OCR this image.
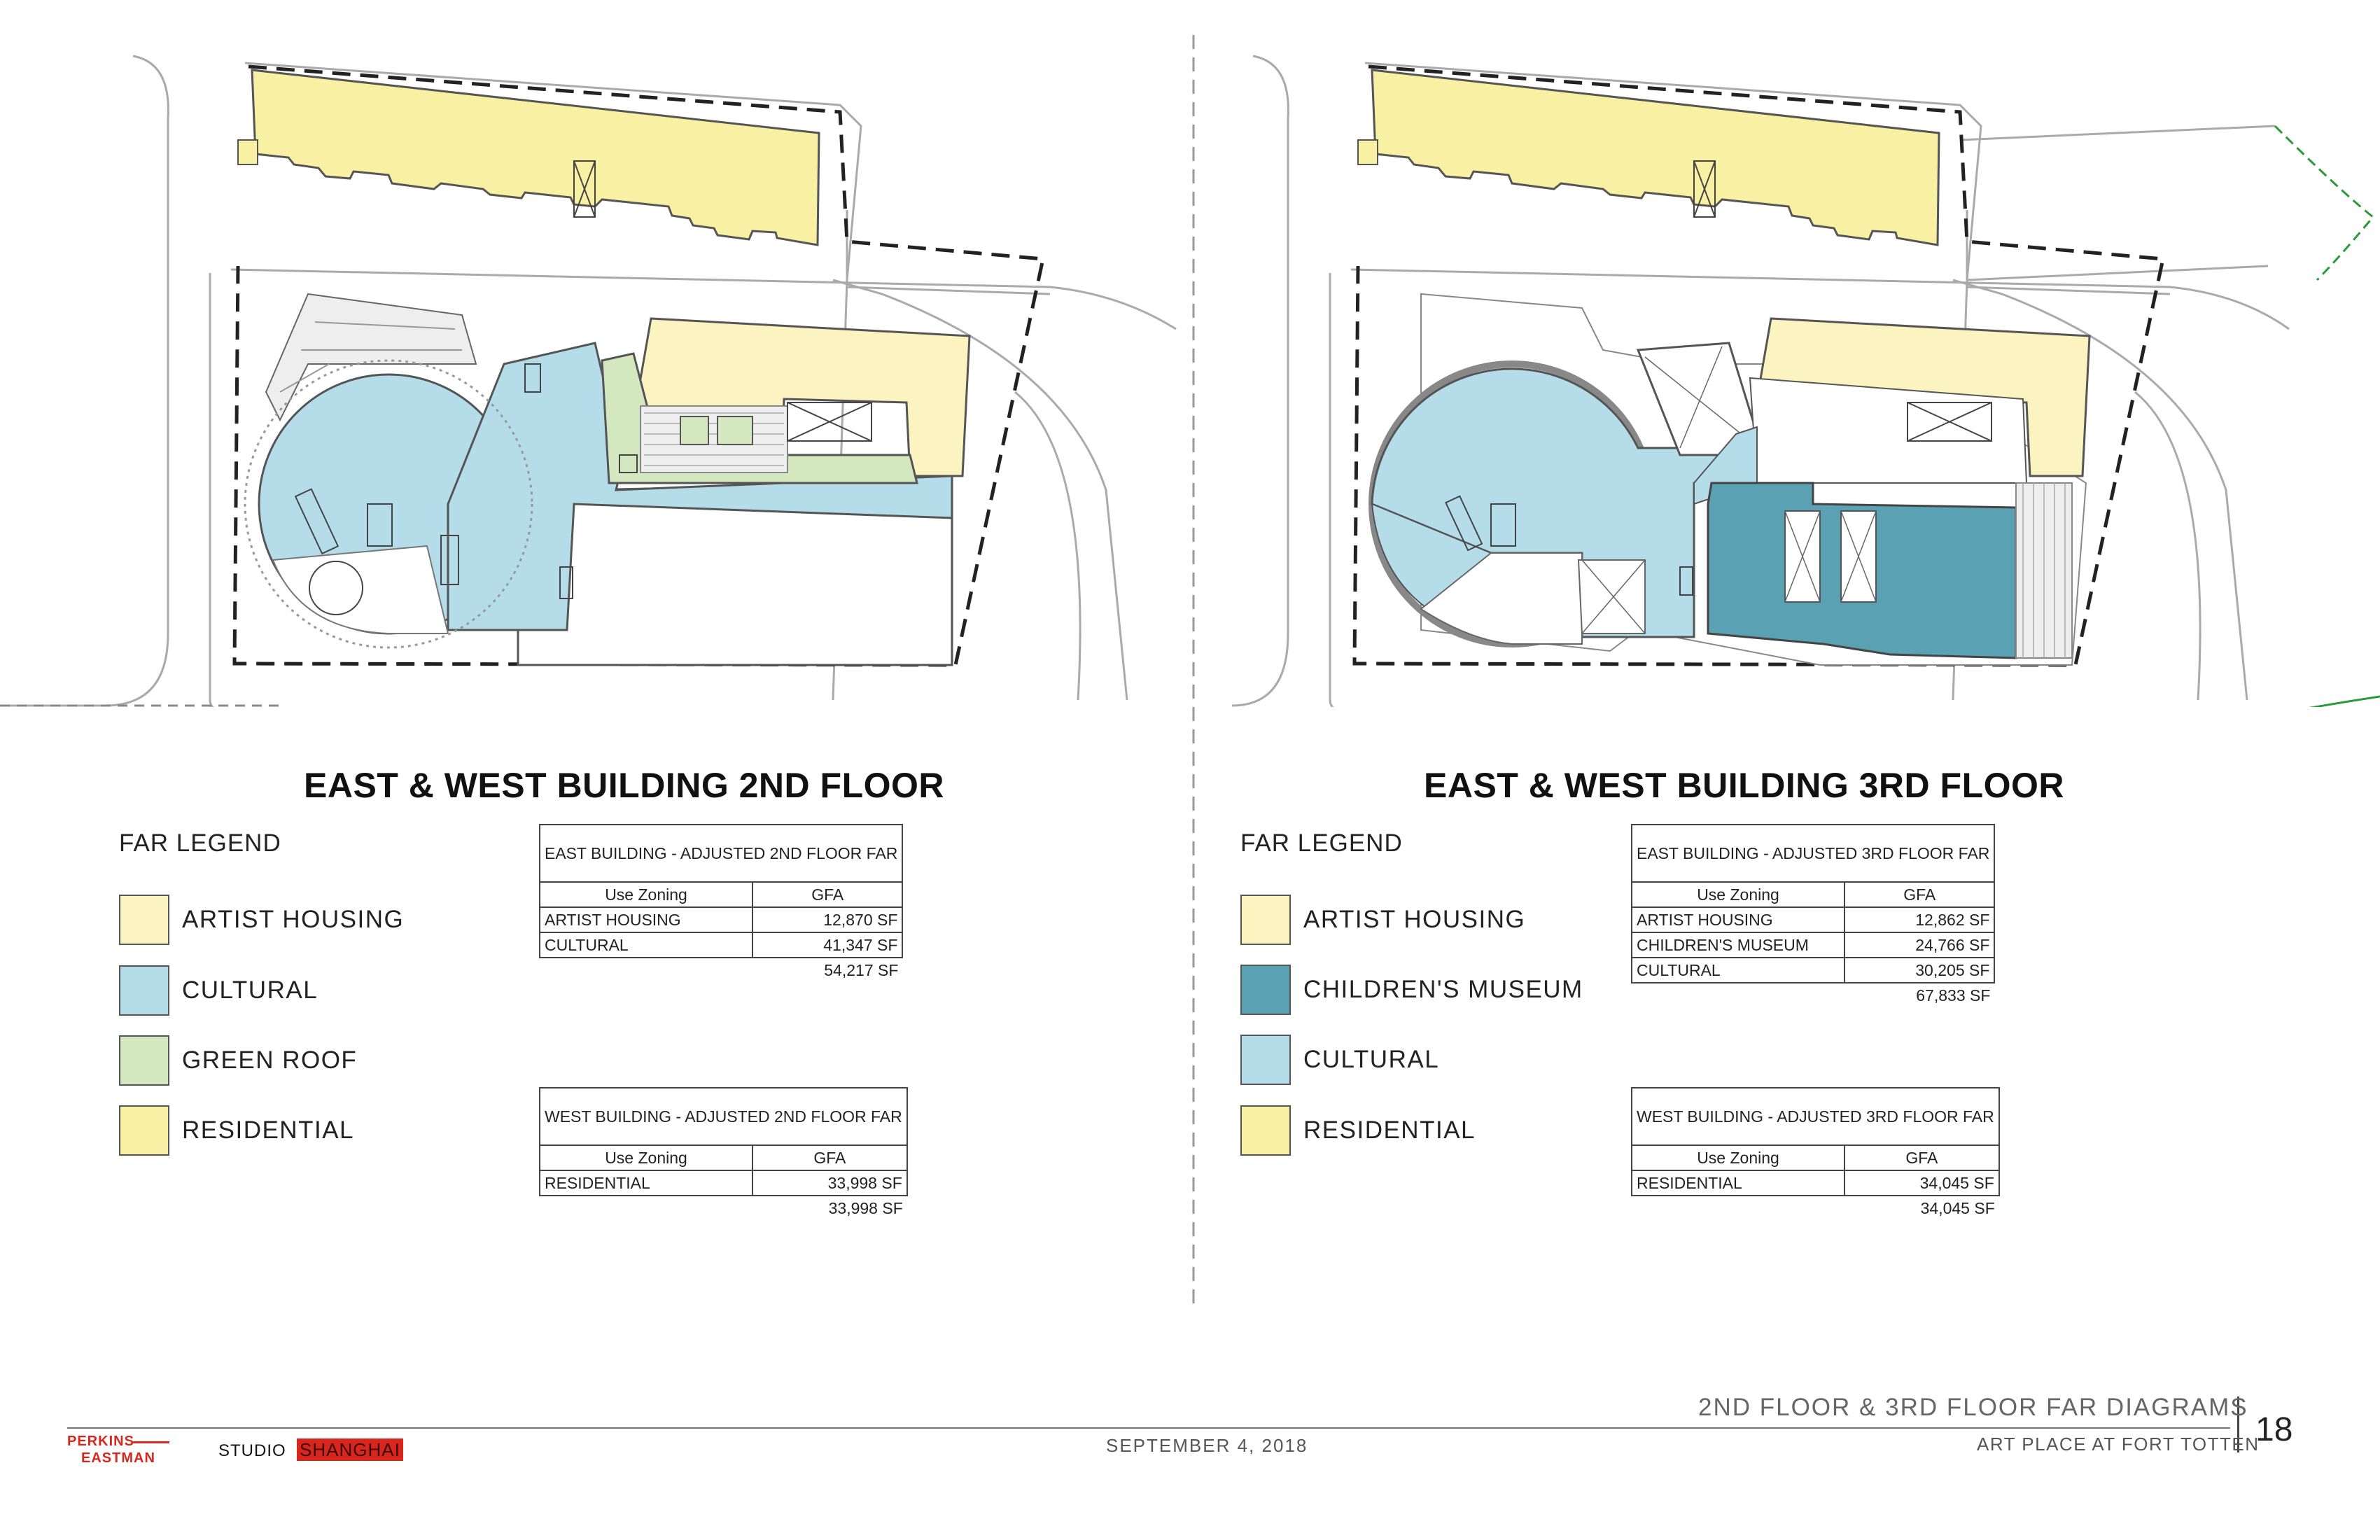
EAST & WEST BUILDING 2ND FLOOR
FAR LEGEND
ARTIST HOUSING
CULTURAL
GREEN ROOF
RESIDENTIAL
EAST BUILDING - ADJUSTED 2ND FLOOR FAR	
Use Zoning	GFA
ARTIST HOUSING	12,870 SF
CULTURAL	41,347 SF
	54,217 SF
WEST BUILDING - ADJUSTED 2ND FLOOR FAR	
Use Zoning	GFA
RESIDENTIAL	33,998 SF
	33,998 SF
EAST & WEST BUILDING 3RD FLOOR
FAR LEGEND
ARTIST HOUSING
CHILDREN'S MUSEUM
CULTURAL
RESIDENTIAL
EAST BUILDING - ADJUSTED 3RD FLOOR FAR	
Use Zoning	GFA
ARTIST HOUSING	12,862 SF
CHILDREN'S MUSEUM	24,766 SF
CULTURAL	30,205 SF
	67,833 SF
WEST BUILDING - ADJUSTED 3RD FLOOR FAR	
Use Zoning	GFA
RESIDENTIAL	34,045 SF
	34,045 SF
PERKINS
EASTMAN	STUDIO SHANGHAI	SEPTEMBER 4, 2018
2ND FLOOR & 3RD FLOOR FAR DIAGRAMS
ART PLACE AT FORT TOTTEN
18
